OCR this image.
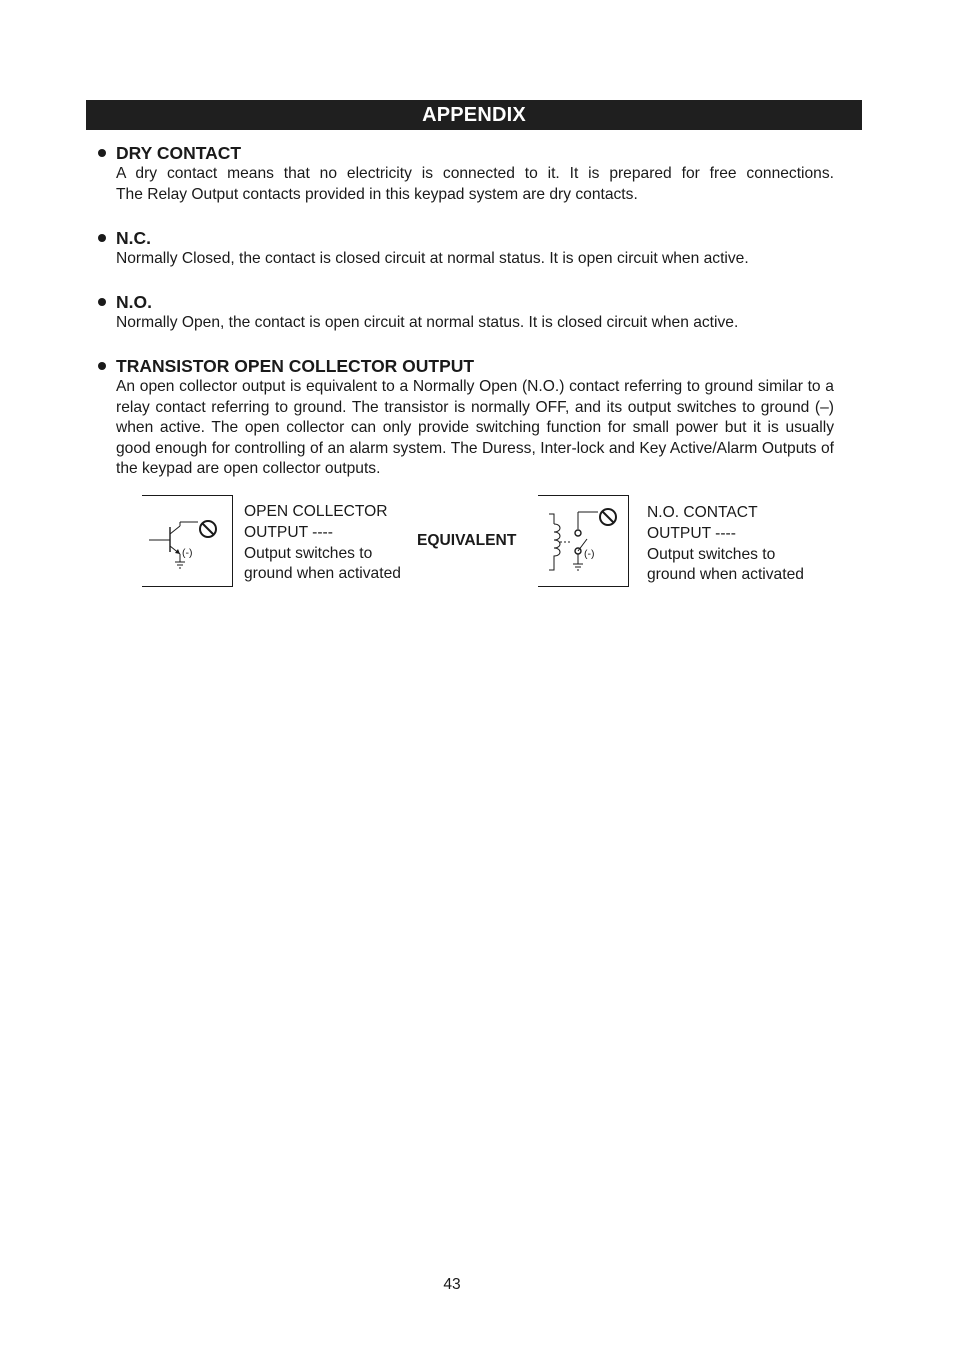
APPENDIX
DRY CONTACT
A dry contact means that no electricity is connected to it. It is prepared for free connections.
The Relay Output contacts provided in this keypad system are dry contacts.
N.C.
Normally Closed, the contact is closed circuit at normal status. It is open circuit when active.
N.O.
Normally Open, the contact is open circuit at normal status. It is closed circuit when active.
TRANSISTOR OPEN COLLECTOR OUTPUT
An open collector output is equivalent to a Normally Open (N.O.) contact referring to ground similar to a relay contact referring to ground. The transistor is normally OFF, and its output switches to ground (–) when active. The open collector can only provide switching function for small power but it is usually good enough for controlling of an alarm system. The Duress, Inter-lock and Key Active/Alarm Outputs of the keypad are open collector outputs.
(-)
OPEN COLLECTOR
OUTPUT ----
Output switches to
ground when activated
EQUIVALENT
(-)
N.O. CONTACT
OUTPUT ----
Output switches to
ground when activated
43
